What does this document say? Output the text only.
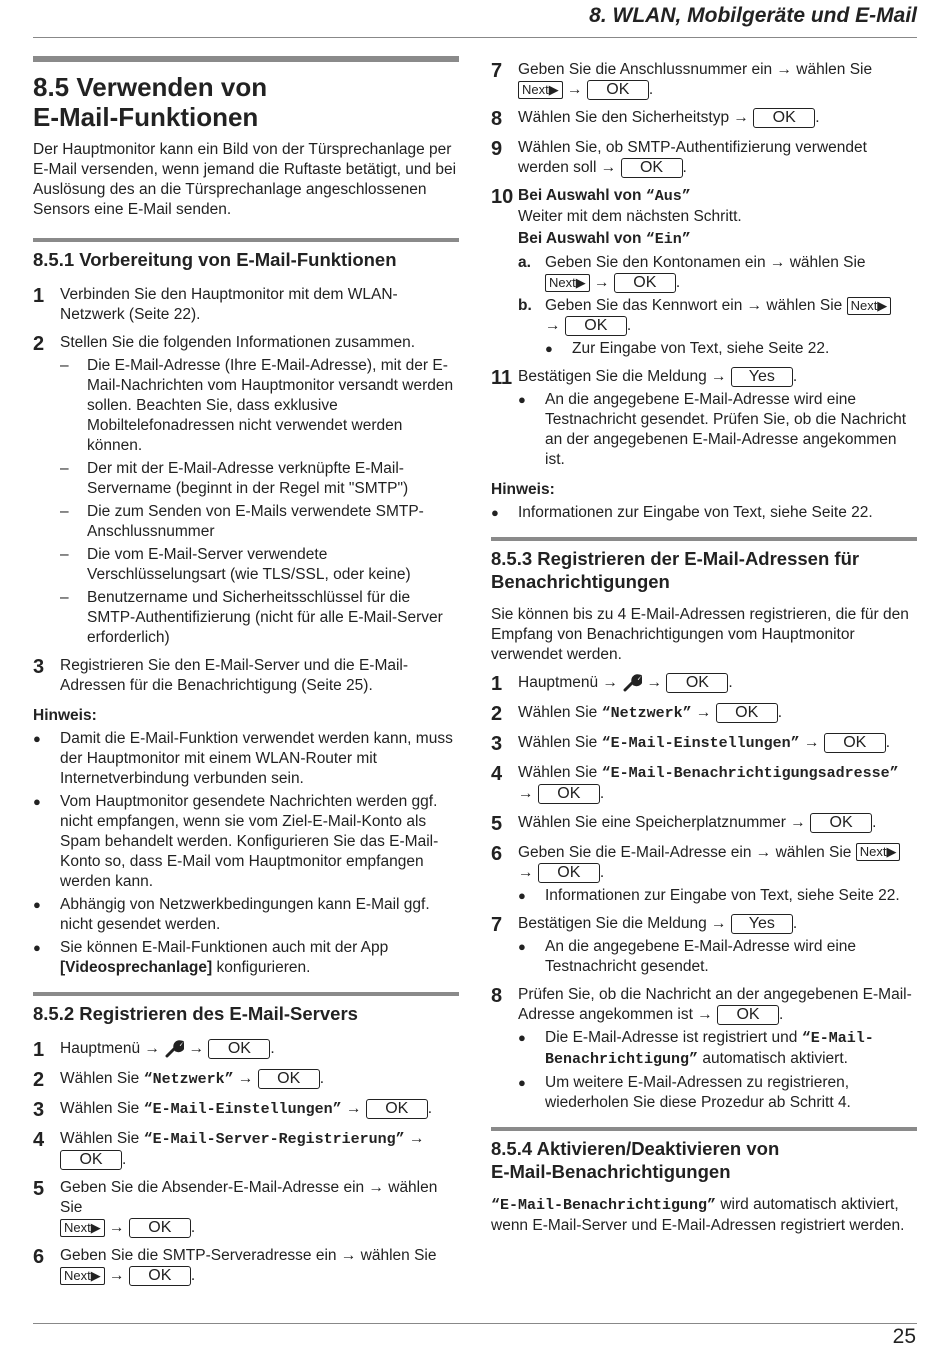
8. WLAN, Mobilgeräte und E-Mail
8.5 Verwenden von
E-Mail-Funktionen

Der Hauptmonitor kann ein Bild von der Türsprechanlage per E-Mail versenden, wenn jemand die Ruftaste betätigt, und bei Auslösung des an die Türsprechanlage angeschlossenen Sensors eine E-Mail senden.

8.5.1 Vorbereitung von E-Mail-Funktionen
1	Verbinden Sie den Hauptmonitor mit dem WLAN-Netzwerk (Seite 22).
2	Stellen Sie die folgenden Informationen zusammen.
–	Die E-Mail-Adresse (Ihre E-Mail-Adresse), mit der E-Mail-Nachrichten vom Hauptmonitor versandt werden sollen. Beachten Sie, dass exklusive Mobiltelefonadressen nicht verwendet werden können.
–	Der mit der E-Mail-Adresse verknüpfte E-Mail-Servername (beginnt in der Regel mit "SMTP")
–	Die zum Senden von E-Mails verwendete SMTP-Anschlussnummer
–	Die vom E-Mail-Server verwendete Verschlüsselungsart (wie TLS/SSL, oder keine)
–	Benutzername und Sicherheitsschlüssel für die SMTP-Authentifizierung (nicht für alle E-Mail-Server erforderlich)
3	Registrieren Sie den E-Mail-Server und die E-Mail-Adressen für die Benachrichtigung (Seite 25).
Hinweis:
●	Damit die E-Mail-Funktion verwendet werden kann, muss der Hauptmonitor mit einem WLAN-Router mit Internetverbindung verbunden sein.
●	Vom Hauptmonitor gesendete Nachrichten werden ggf. nicht empfangen, wenn sie vom Ziel-E-Mail-Konto als Spam behandelt werden. Konfigurieren Sie das E-Mail-Konto so, dass E-Mail vom Hauptmonitor empfangen werden kann.
●	Abhängig von Netzwerkbedingungen kann E-Mail ggf. nicht gesendet werden.
●	Sie können E-Mail-Funktionen auch mit der App [Videosprechanlage] konfigurieren.
8.5.2 Registrieren des E-Mail-Servers
1	Hauptmenü → → OK .
2	Wählen Sie “Netzwerk” → OK .
3	Wählen Sie “E-Mail-Einstellungen” → OK .
4	Wählen Sie “E-Mail-Server-Registrierung” →
OK .
5	Geben Sie die Absender-E-Mail-Adresse ein → wählen Sie
Next▶ → OK .
6	Geben Sie die SMTP-Serveradresse ein → wählen Sie
Next▶ → OK .
7	Geben Sie die Anschlussnummer ein → wählen Sie
Next▶ → OK .
8	Wählen Sie den Sicherheitstyp → OK .
9	Wählen Sie, ob SMTP-Authentifizierung verwendet werden soll → OK .
10 Bei Auswahl von “Aus”
Weiter mit dem nächsten Schritt.
Bei Auswahl von “Ein”
a. Geben Sie den Kontonamen ein → wählen Sie
Next▶ → OK .
b. Geben Sie das Kennwort ein → wählen Sie Next▶
→ OK .
●	Zur Eingabe von Text, siehe Seite 22.
11 Bestätigen Sie die Meldung → Yes .
●	An die angegebene E-Mail-Adresse wird eine Testnachricht gesendet. Prüfen Sie, ob die Nachricht an der angegebenen E-Mail-Adresse angekommen ist.
Hinweis:
●	Informationen zur Eingabe von Text, siehe Seite 22.
8.5.3 Registrieren der E-Mail-Adressen für
Benachrichtigungen

Sie können bis zu 4 E-Mail-Adressen registrieren, die für den Empfang von Benachrichtigungen vom Hauptmonitor verwendet werden.

1	Hauptmenü → → OK .
2	Wählen Sie “Netzwerk” → OK .
3	Wählen Sie “E-Mail-Einstellungen” → OK .
4	Wählen Sie “E-Mail-Benachrichtigungsadresse”
→ OK .
5	Wählen Sie eine Speicherplatznummer → OK .
6	Geben Sie die E-Mail-Adresse ein → wählen Sie Next▶
→ OK .
●	Informationen zur Eingabe von Text, siehe Seite 22.
7	Bestätigen Sie die Meldung → Yes .
●	An die angegebene E-Mail-Adresse wird eine Testnachricht gesendet.
8	Prüfen Sie, ob die Nachricht an der angegebenen E-Mail-Adresse angekommen ist → OK .
●	Die E-Mail-Adresse ist registriert und “E-Mail-Benachrichtigung” automatisch aktiviert.
●	Um weitere E-Mail-Adressen zu registrieren, wiederholen Sie diese Prozedur ab Schritt 4.
8.5.4 Aktivieren/Deaktivieren von
E-Mail-Benachrichtigungen

“E-Mail-Benachrichtigung” wird automatisch aktiviert, wenn E-Mail-Server und E-Mail-Adressen registriert werden.

25
